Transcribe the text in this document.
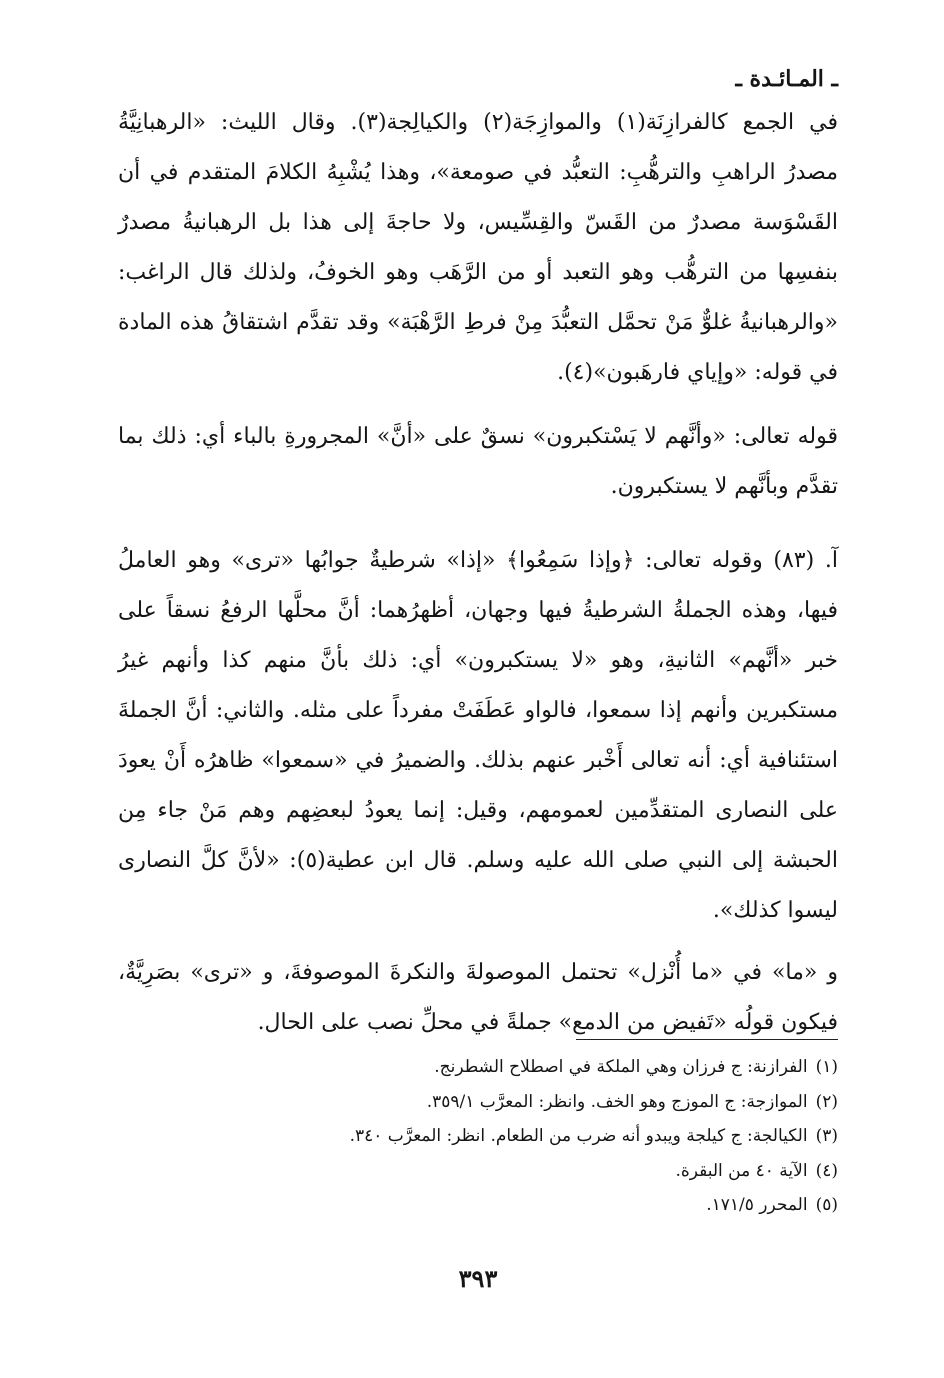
ـ المـائـدة ـ

في الجمع كالفرازِنَة(١) والموازِجَة(٢) والكيالِجة(٣). وقال الليث: «الرهبانِيَّةُ مصدرُ الراهبِ والترهُّبِ: التعبُّد في صومعة»، وهذا يُشْبِهُ الكلامَ المتقدم في أن القَسْوَسة مصدرٌ من القَسّ والقِسِّيس، ولا حاجةَ إلى هذا بل الرهبانيةُ مصدرٌ بنفسِها من الترهُّب وهو التعبد أو من الرَّهَب وهو الخوفُ، ولذلك قال الراغب: «والرهبانيةُ غلوٌّ مَنْ تحمَّل التعبُّدَ مِنْ فرطِ الرَّهْبَة» وقد تقدَّم اشتقاقُ هذه المادة في قوله: «وإياي فارهَبون»(٤).

قوله تعالى: «وأنَّهم لا يَسْتكبرون» نسقٌ على «أنَّ» المجرورةِ بالباء أي: ذلك بما تقدَّم وبأنَّهم لا يستكبرون.

آ. (٨٣) وقوله تعالى: ﴿وإذا سَمِعُوا﴾ «إذا» شرطيةٌ جوابُها «ترى» وهو العاملُ فيها، وهذه الجملةُ الشرطيةُ فيها وجهان، أظهرُهما: أنَّ محلَّها الرفعُ نسقاً على خبر «أنَّهم» الثانيةِ، وهو «لا يستكبرون» أي: ذلك بأنَّ منهم كذا وأنهم غيرُ مستكبرين وأنهم إذا سمعوا، فالواو عَطَفَتْ مفرداً على مثله. والثاني: أنَّ الجملةَ استئنافية أي: أنه تعالى أَخْبر عنهم بذلك. والضميرُ في «سمعوا» ظاهرُه أَنْ يعودَ على النصارى المتقدِّمين لعمومهم، وقيل: إنما يعودُ لبعضِهم وهم مَنْ جاء مِن الحبشة إلى النبي صلى الله عليه وسلم. قال ابن عطية(٥): «لأنَّ كلَّ النصارى ليسوا كذلك».

و «ما» في «ما أُنْزل» تحتمل الموصولةَ والنكرةَ الموصوفةَ، و «ترى» بصَرِيَّةٌ، فيكون قولُه «تَفيض من الدمع» جملةً في محلِّ نصب على الحال.

(١)الفرازنة: ج فرزان وهي الملكة في اصطلاح الشطرنج.
(٢)الموازجة: ج الموزج وهو الخف. وانظر: المعرَّب ٣٥٩/١.
(٣)الكيالجة: ج كيلجة ويبدو أنه ضرب من الطعام. انظر: المعرَّب ٣٤٠.
(٤)الآية ٤٠ من البقرة.
(٥)المحرر ١٧١/٥.
٣٩٣
